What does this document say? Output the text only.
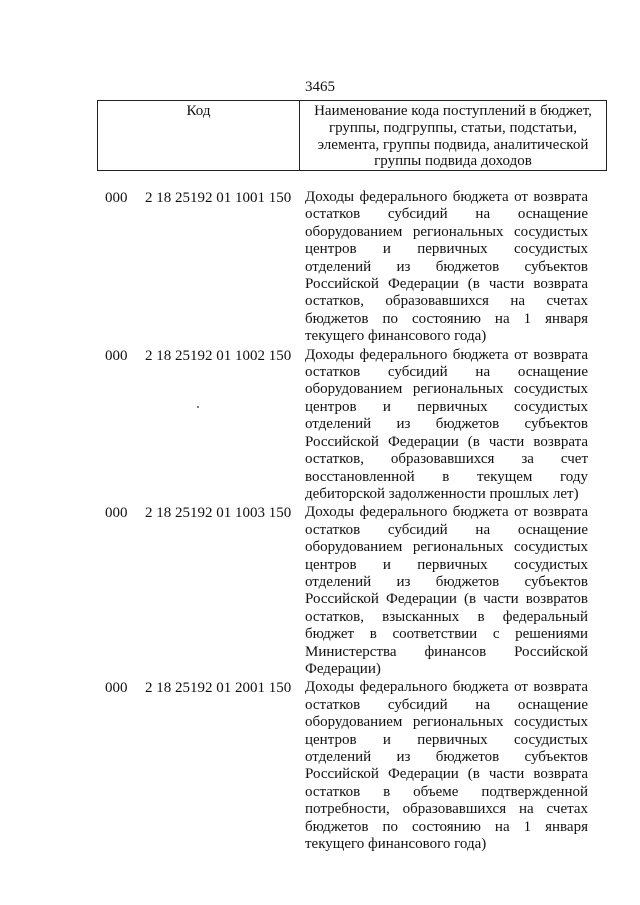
3465
Код	Наименование кода поступлений в бюджет, группы, подгруппы, статьи, подстатьи, элемента, группы подвида, аналитической группы подвида доходов
000	2 18 25192 01 1001 150 Доходы федерального бюджета от возврата остатков субсидий на оснащение оборудованием региональных сосудистых центров и первичных сосудистых отделений из бюджетов субъектов Российской Федерации (в части возврата остатков, образовавшихся на счетах бюджетов по состоянию на 1 января текущего финансового года)
000	2 18 25192 01 1002 150 Доходы федерального бюджета от возврата остатков субсидий на оснащение оборудованием региональных сосудистых центров и первичных сосудистых отделений из бюджетов субъектов Российской Федерации (в части возврата остатков, образовавшихся за счет восстановленной в текущем году дебиторской задолженности прошлых лет)
000	2 18 25192 01 1003 150 Доходы федерального бюджета от возврата остатков субсидий на оснащение оборудованием региональных сосудистых центров и первичных сосудистых отделений из бюджетов субъектов Российской Федерации (в части возвратов остатков, взысканных в федеральный бюджет в соответствии с решениями Министерства финансов Российской Федерации)
000	2 18 25192 01 2001 150 Доходы федерального бюджета от возврата остатков субсидий на оснащение оборудованием региональных сосудистых центров и первичных сосудистых отделений из бюджетов субъектов Российской Федерации (в части возврата остатков в объеме подтвержденной потребности, образовавшихся на счетах бюджетов по состоянию на 1 января текущего финансового года)
